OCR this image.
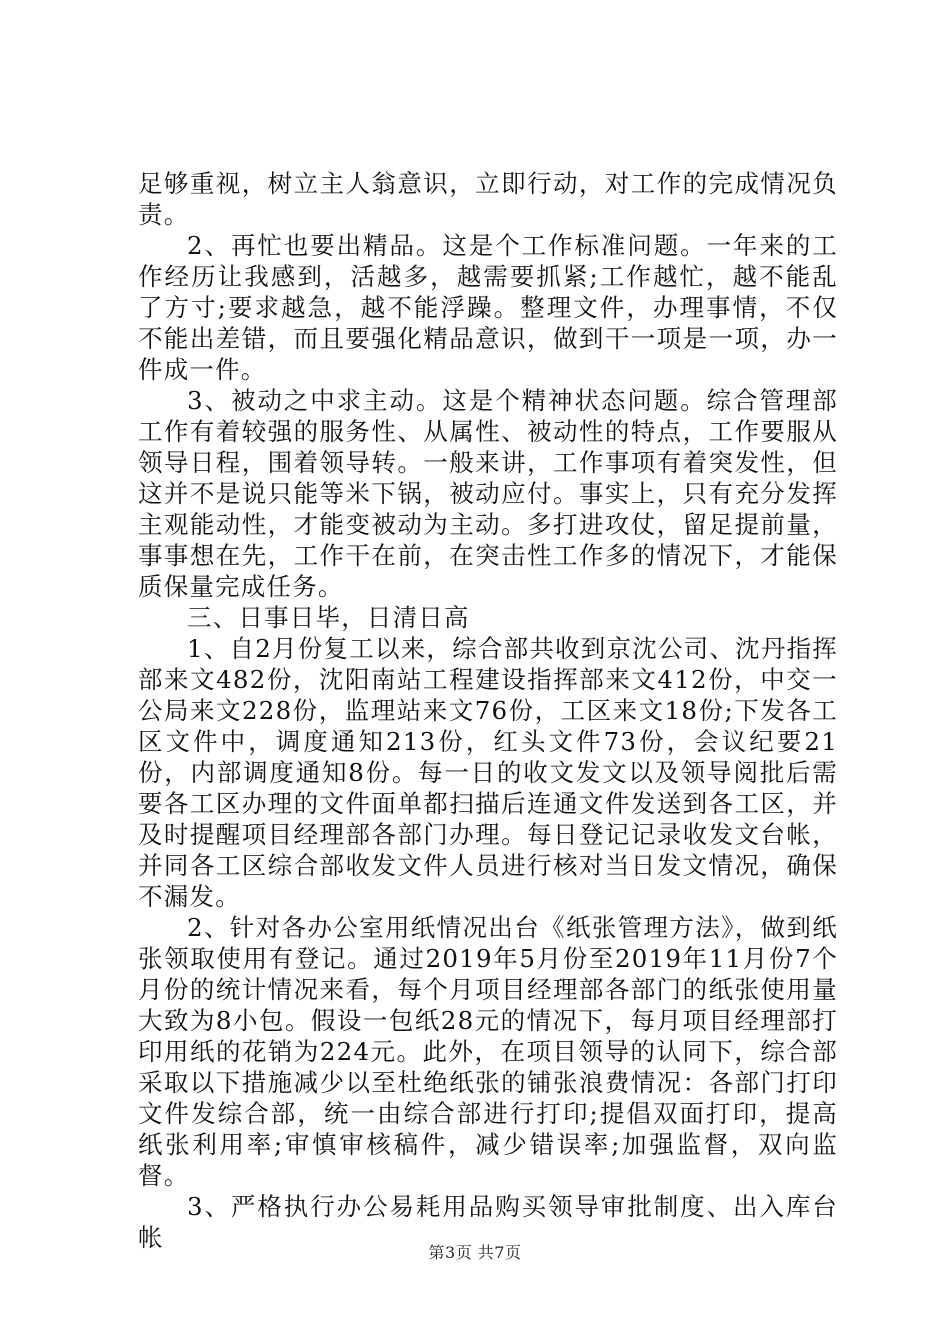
足够重视，树立主人翁意识，立即行动，对工作的完成情况负责。

2、再忙也要出精品。这是个工作标准问题。一年来的工作经历让我感到，活越多，越需要抓紧;工作越忙，越不能乱了方寸;要求越急，越不能浮躁。整理文件，办理事情，不仅不能出差错，而且要强化精品意识，做到干一项是一项，办一件成一件。

3、被动之中求主动。这是个精神状态问题。综合管理部工作有着较强的服务性、从属性、被动性的特点，工作要服从领导日程，围着领导转。一般来讲，工作事项有着突发性，但这并不是说只能等米下锅，被动应付。事实上，只有充分发挥主观能动性，才能变被动为主动。多打进攻仗，留足提前量，事事想在先，工作干在前，在突击性工作多的情况下，才能保质保量完成任务。

三、日事日毕，日清日高

1、自2月份复工以来，综合部共收到京沈公司、沈丹指挥部来文482份，沈阳南站工程建设指挥部来文412份，中交一公局来文228份，监理站来文76份，工区来文18份;下发各工区文件中，调度通知213份，红头文件73份，会议纪要21份，内部调度通知8份。每一日的收文发文以及领导阅批后需要各工区办理的文件面单都扫描后连通文件发送到各工区，并及时提醒项目经理部各部门办理。每日登记记录收发文台帐，并同各工区综合部收发文件人员进行核对当日发文情况，确保不漏发。

2、针对各办公室用纸情况出台《纸张管理方法》，做到纸张领取使用有登记。通过2019年5月份至2019年11月份7个月份的统计情况来看，每个月项目经理部各部门的纸张使用量大致为8小包。假设一包纸28元的情况下，每月项目经理部打印用纸的花销为224元。此外，在项目领导的认同下，综合部采取以下措施减少以至杜绝纸张的铺张浪费情况：各部门打印文件发综合部，统一由综合部进行打印;提倡双面打印，提高纸张利用率;审慎审核稿件，减少错误率;加强监督，双向监督。

3、严格执行办公易耗用品购买领导审批制度、出入库台帐

第3页 共7页
